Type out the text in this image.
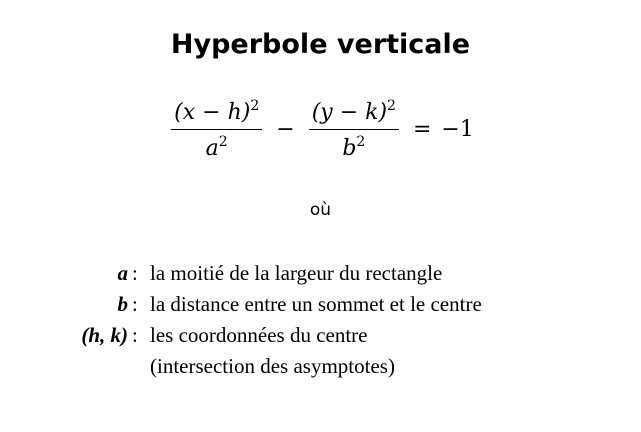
Hyperbole verticale
$\frac{(x - h)^2}{a^2} - \frac{(y - k)^2}{b^2} = -1$
où
a : la moitié de la largeur du rectangle
b : la distance entre un sommet et le centre
(h, k) : les coordonnées du centre
(intersection des asymptotes)
